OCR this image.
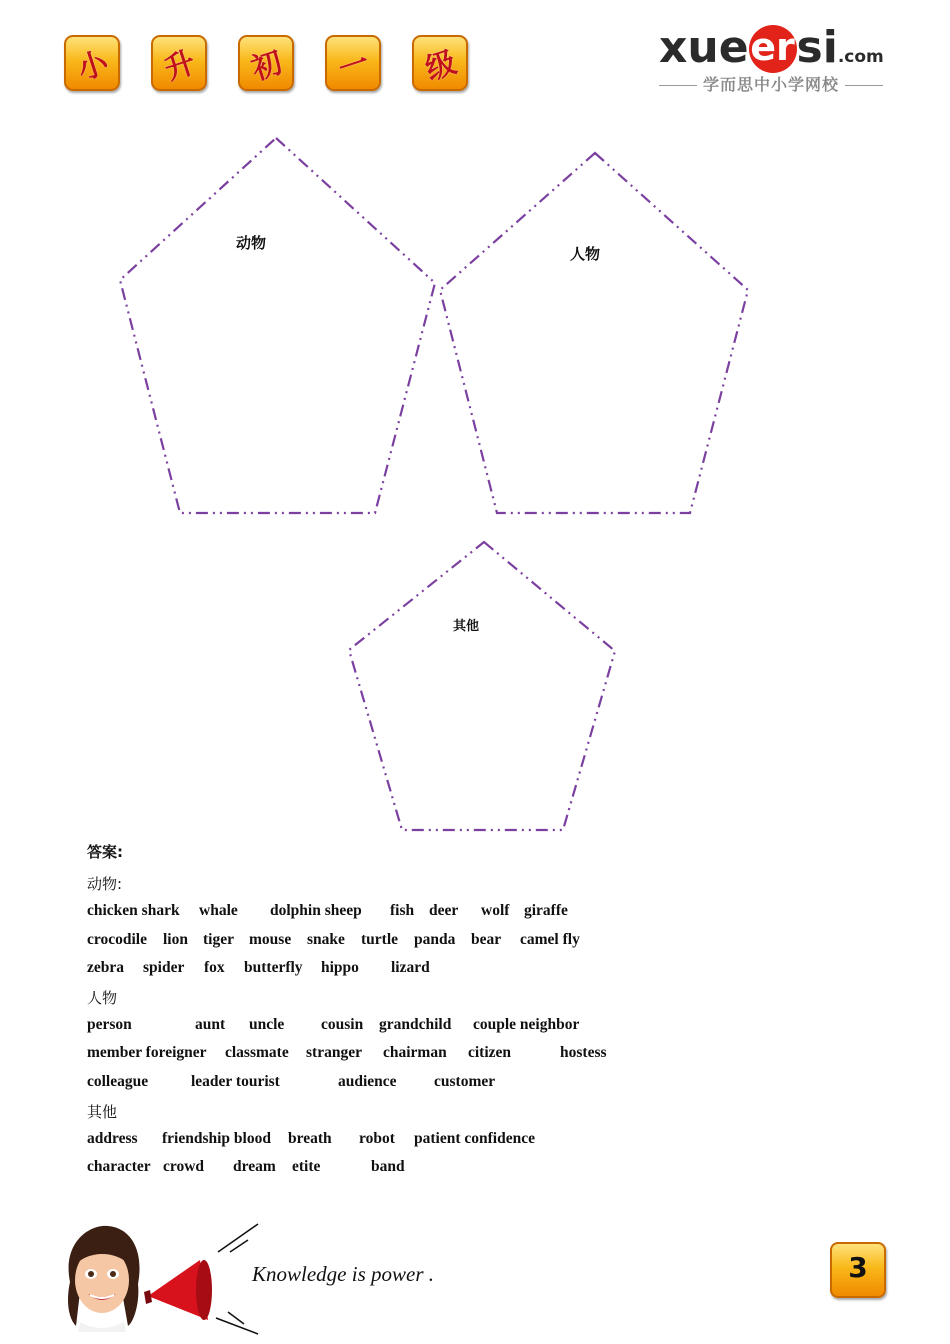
小 升 初 一 级	xueersi.com
学而思中小学网校
动物
人物
其他
答案:
动物:
chicken shark whale dolphin sheep fish deer wolf giraffe
crocodile lion tiger mouse snake turtle panda bear camel fly
zebra spider fox butterfly hippo lizard
人物
person	aunt uncle cousin grandchild couple neighbor
member foreigner classmate stranger chairman citizen	hostess
colleague	leader tourist	audience customer
其他
address friendship blood breath robot patient confidence
character crowd dream etite	band
Knowledge is power .	3
